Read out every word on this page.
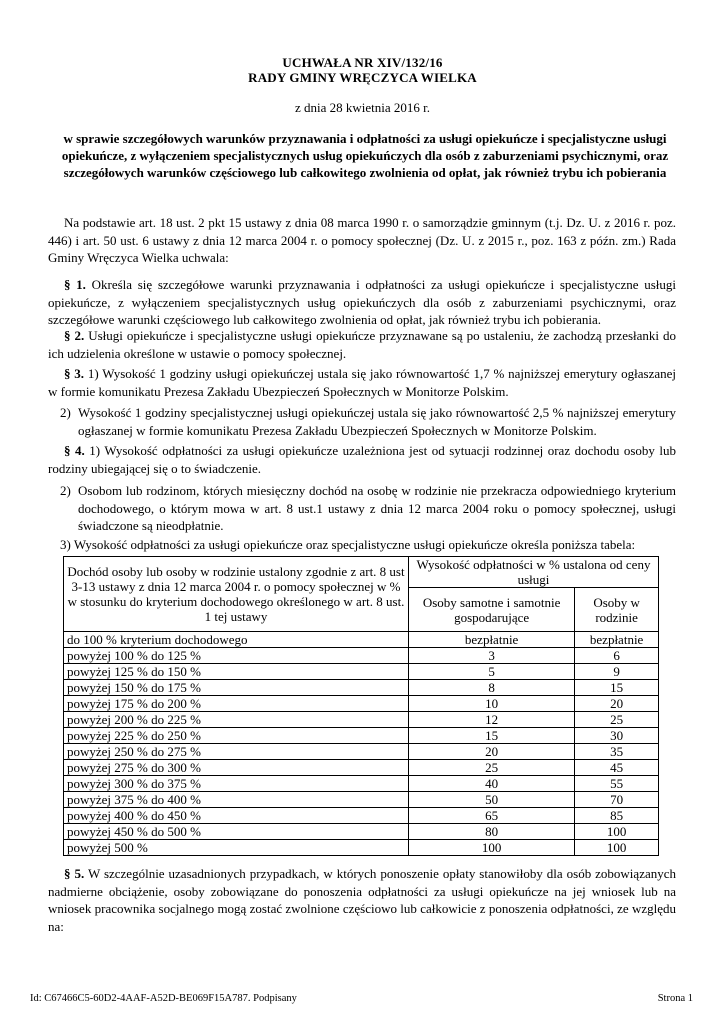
UCHWAŁA NR XIV/132/16
RADY GMINY WRĘCZYCA WIELKA
z dnia 28 kwietnia 2016 r.
w sprawie szczegółowych warunków przyznawania i odpłatności za usługi opiekuńcze i specjalistyczne usługi opiekuńcze, z wyłączeniem specjalistycznych usług opiekuńczych dla osób z zaburzeniami psychicznymi, oraz szczegółowych warunków częściowego lub całkowitego zwolnienia od opłat, jak również trybu ich pobierania
Na podstawie art. 18 ust. 2 pkt 15 ustawy z dnia 08 marca 1990 r. o samorządzie gminnym (t.j. Dz. U. z 2016 r. poz. 446) i art. 50 ust. 6 ustawy z dnia 12 marca 2004 r. o pomocy społecznej (Dz. U. z 2015 r., poz. 163 z późn. zm.) Rada Gminy Wręczyca Wielka uchwala:
§ 1. Określa się szczegółowe warunki przyznawania i odpłatności za usługi opiekuńcze i specjalistyczne usługi opiekuńcze, z wyłączeniem specjalistycznych usług opiekuńczych dla osób z zaburzeniami psychicznymi, oraz szczegółowe warunki częściowego lub całkowitego zwolnienia od opłat, jak również trybu ich pobierania.
§ 2. Usługi opiekuńcze i specjalistyczne usługi opiekuńcze przyznawane są po ustaleniu, że zachodzą przesłanki do ich udzielenia określone w ustawie o pomocy społecznej.
§ 3. 1) Wysokość 1 godziny usługi opiekuńczej ustala się jako równowartość 1,7 % najniższej emerytury ogłaszanej w formie komunikatu Prezesa Zakładu Ubezpieczeń Społecznych w Monitorze Polskim.
2) Wysokość 1 godziny specjalistycznej usługi opiekuńczej ustala się jako równowartość 2,5 % najniższej emerytury ogłaszanej w formie komunikatu Prezesa Zakładu Ubezpieczeń Społecznych w Monitorze Polskim.
§ 4. 1) Wysokość odpłatności za usługi opiekuńcze uzależniona jest od sytuacji rodzinnej oraz dochodu osoby lub rodziny ubiegającej się o to świadczenie.
2) Osobom lub rodzinom, których miesięczny dochód na osobę w rodzinie nie przekracza odpowiedniego kryterium dochodowego, o którym mowa w art. 8 ust.1 ustawy z dnia 12 marca 2004 roku o pomocy społecznej, usługi świadczone są nieodpłatnie.
3) Wysokość odpłatności za usługi opiekuńcze oraz specjalistyczne usługi opiekuńcze określa poniższa tabela:
Dochód osoby lub osoby w rodzinie ustalony zgodnie z art. 8 ust 3-13 ustawy z dnia 12 marca 2004 r. o pomocy społecznej w % w stosunku do kryterium dochodowego określonego w art. 8 ust. 1 tej ustawy	Wysokość odpłatności w % ustalona od ceny usługi	
	Osoby samotne i samotnie gospodarujące	Osoby w rodzinie
do 100 % kryterium dochodowego	bezpłatnie	bezpłatnie
powyżej 100 % do 125 %	3	6
powyżej 125 % do 150 %	5	9
powyżej 150 % do 175 %	8	15
powyżej 175 % do 200 %	10	20
powyżej 200 % do 225 %	12	25
powyżej 225 % do 250 %	15	30
powyżej 250 % do 275 %	20	35
powyżej 275 % do 300 %	25	45
powyżej 300 % do 375 %	40	55
powyżej 375 % do 400 %	50	70
powyżej 400 % do 450 %	65	85
powyżej 450 % do 500 %	80	100
powyżej 500 %	100	100
§ 5. W szczególnie uzasadnionych przypadkach, w których ponoszenie opłaty stanowiłoby dla osób zobowiązanych nadmierne obciążenie, osoby zobowiązane do ponoszenia odpłatności za usługi opiekuńcze na jej wniosek lub na wniosek pracownika socjalnego mogą zostać zwolnione częściowo lub całkowicie z ponoszenia odpłatności, ze względu na:
Id: C67466C5-60D2-4AAF-A52D-BE069F15A787. Podpisany	Strona 1
